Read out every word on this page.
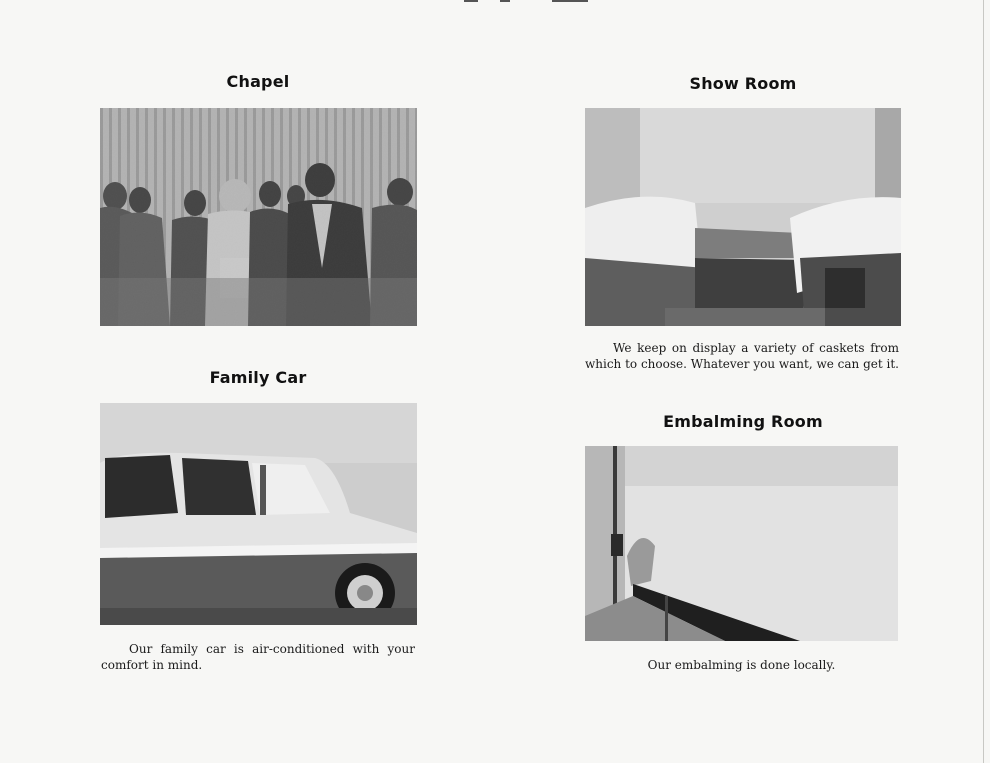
Chapel	Show Room
We keep on display a variety of caskets from which to choose. Whatever you want, we can get it.
Family Car
Our family car is air-conditioned with your comfort in mind.
Embalming Room
Our embalming is done locally.
